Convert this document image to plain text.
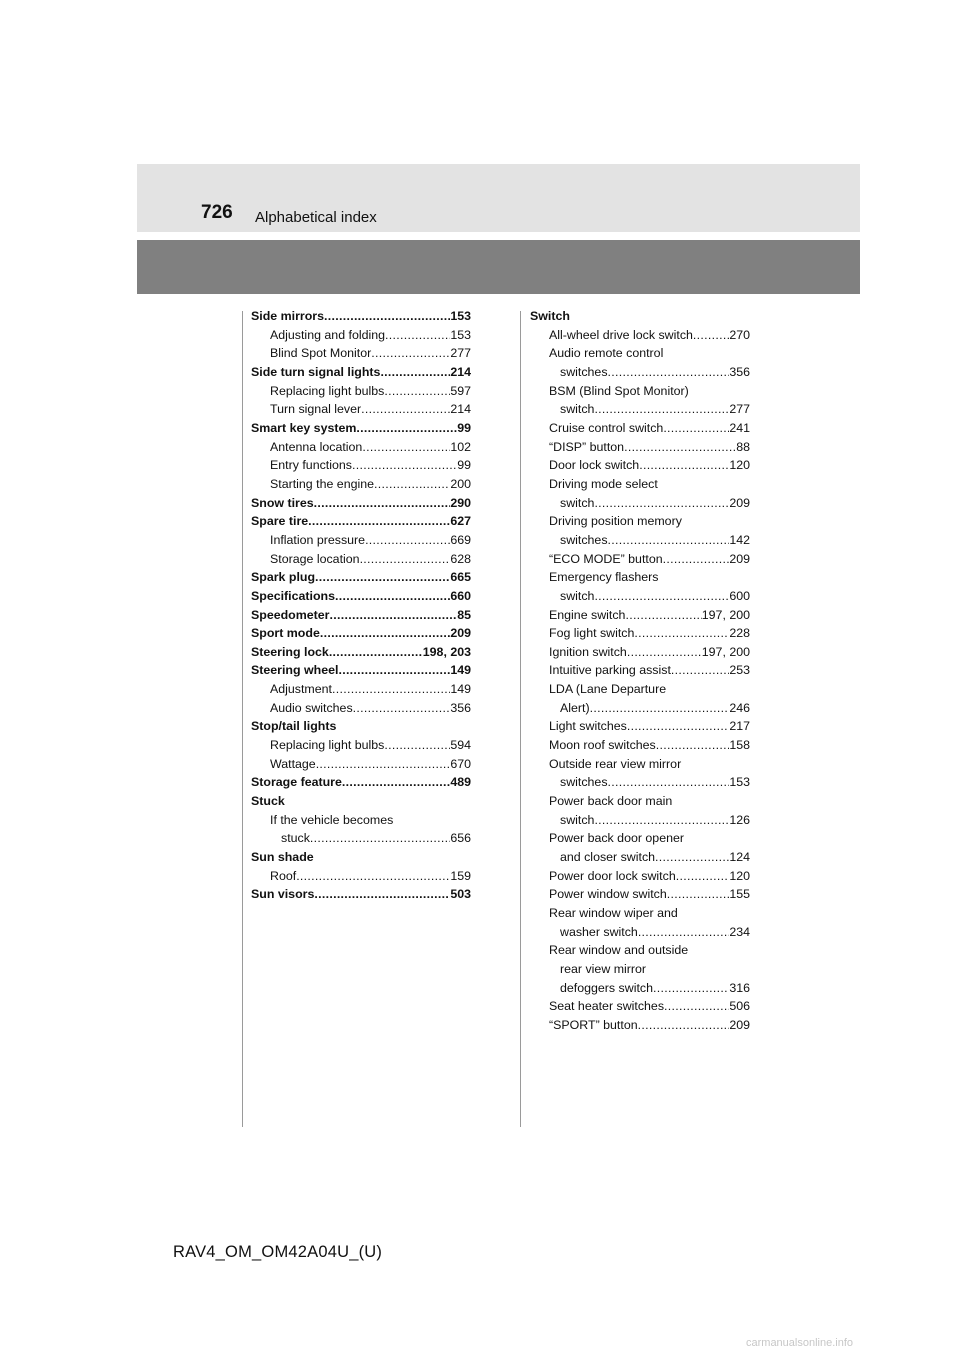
726 Alphabetical index
Side mirrors .....	153
Adjusting and folding .....	153
Blind Spot Monitor .....	277
Side turn signal lights .....	214
Replacing light bulbs .....	597
Turn signal lever .....	214
Smart key system .....	99
Antenna location .....	102
Entry functions .....	99
Starting the engine .....	200
Snow tires .....	290
Spare tire .....	627
Inflation pressure .....	669
Storage location .....	628
Spark plug .....	665
Specifications .....	660
Speedometer .....	85
Sport mode .....	209
Steering lock .....	198, 203
Steering wheel .....	149
Adjustment .....	149
Audio switches .....	356
Stop/tail lights
Replacing light bulbs .....	594
Wattage .....	670
Storage feature .....	489
Stuck
If the vehicle becomes
stuck .....	656
Sun shade
Roof .....	159
Sun visors .....	503
Switch
All-wheel drive lock switch .....	270
Audio remote control
switches .....	356
BSM (Blind Spot Monitor)
switch .....	277
Cruise control switch .....	241
“DISP” button .....	88
Door lock switch .....	120
Driving mode select
switch .....	209
Driving position memory
switches .....	142
“ECO MODE” button .....	209
Emergency flashers
switch .....	600
Engine switch .....	197, 200
Fog light switch .....	228
Ignition switch .....	197, 200
Intuitive parking assist .....	253
LDA (Lane Departure
Alert) .....	246
Light switches .....	217
Moon roof switches .....	158
Outside rear view mirror
switches .....	153
Power back door main
switch .....	126
Power back door opener
and closer switch .....	124
Power door lock switch .....	120
Power window switch .....	155
Rear window wiper and
washer switch .....	234
Rear window and outside
rear view mirror
defoggers switch .....	316
Seat heater switches .....	506
“SPORT” button .....	209
RAV4_OM_OM42A04U_(U)
carmanualsonline.info
